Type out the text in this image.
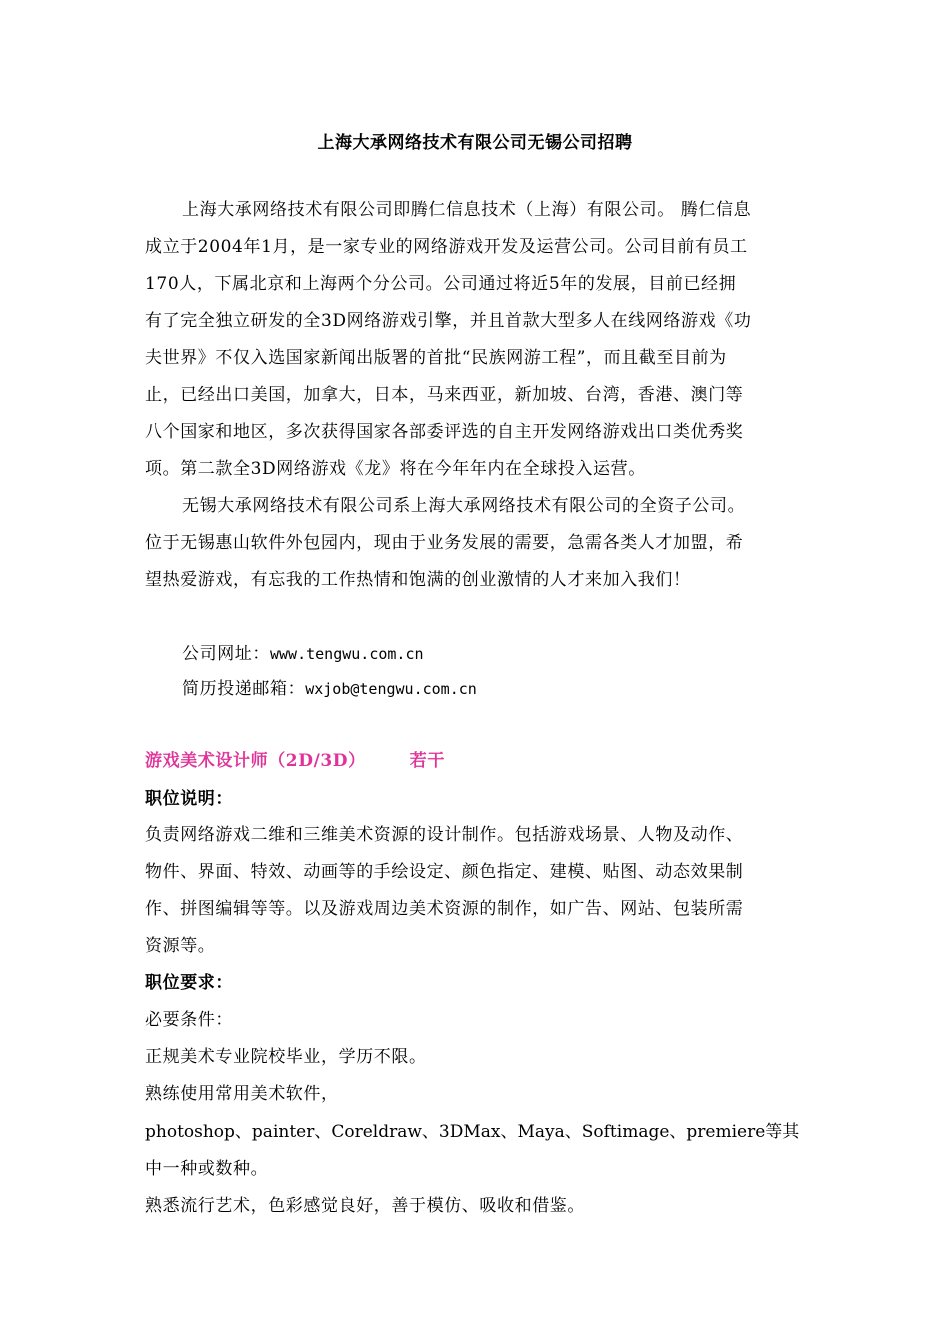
上海大承网络技术有限公司无锡公司招聘
上海大承网络技术有限公司即腾仁信息技术（上海）有限公司。 腾仁信息
成立于2004年1月，是一家专业的网络游戏开发及运营公司。公司目前有员工
170人，下属北京和上海两个分公司。公司通过将近5年的发展，目前已经拥
有了完全独立研发的全3D网络游戏引擎，并且首款大型多人在线网络游戏《功
夫世界》不仅入选国家新闻出版署的首批“民族网游工程”，而且截至目前为
止，已经出口美国，加拿大，日本，马来西亚，新加坡、台湾，香港、澳门等
八个国家和地区，多次获得国家各部委评选的自主开发网络游戏出口类优秀奖
项。第二款全3D网络游戏《龙》将在今年年内在全球投入运营。
无锡大承网络技术有限公司系上海大承网络技术有限公司的全资子公司。
位于无锡惠山软件外包园内，现由于业务发展的需要，急需各类人才加盟，希
望热爱游戏，有忘我的工作热情和饱满的创业激情的人才来加入我们！
公司网址：www.tengwu.com.cn
简历投递邮箱：wxjob@tengwu.com.cn
游戏美术设计师（2D/3D）	若干
职位说明：
负责网络游戏二维和三维美术资源的设计制作。包括游戏场景、人物及动作、
物件、界面、特效、动画等的手绘设定、颜色指定、建模、贴图、动态效果制
作、拼图编辑等等。以及游戏周边美术资源的制作，如广告、网站、包装所需
资源等。
职位要求：
必要条件：
正规美术专业院校毕业，学历不限。
熟练使用常用美术软件，
photoshop、painter、Coreldraw、3DMax、Maya、Softimage、premiere等其
中一种或数种。
熟悉流行艺术，色彩感觉良好，善于模仿、吸收和借鉴。
